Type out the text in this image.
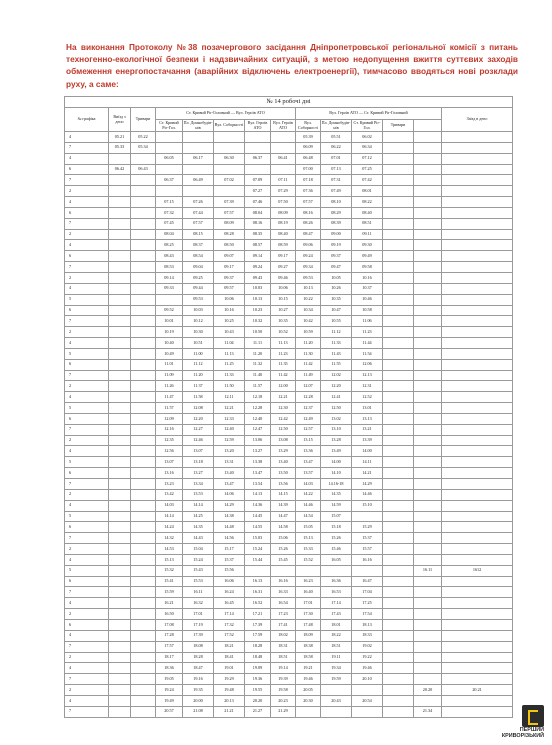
На виконання Протоколу №38 позачергового засідання Дніпропетровської регіональної комісії з питань техногенно-екологічної безпеки і надзвичайних ситуацій, з метою недопущення вжиття суттєвих заходів обмеження енергопостачання (аварійних відключень електроенергії), тимчасово вводяться нові розклади руху, а саме:
№ 14 робочі дні													
№ графіка	Виїзд з депо	Тривари	Ст. Кривий Ріг-Головний — Вул. Героїв АТО					Вул. Героїв АТО — Ст. Кривий Ріг-Головний					Заїзд в депо
			Ст. Кривий Ріг-Гол.	Пл. Домнобудів-нів	Вул. Соборності	Вул. Героїв АТО	Вул. Героїв АТО	Вул. Соборності	Пл. Домнобудів-нів	Ст. Кривий Ріг-Гол.	Тривари		
4	05.21	05.22						05.39	05.51	06.02			
7	05.33	05.34						06.09	06.22	06.34			
4			06.05	06.17	06.30	06.37	06.41	06.48	07.01	07.12			
6	06.42	06.43						07.00	07.13	07.25			
7			06.37	06.49	07.02	07.09	07.11	07.18	07.31	07.42			
2						07.27	07.29	07.36	07.49	08.01			
4			07.15	07.26	07.39	07.46	07.50	07.57	08.10	08.22			
6			07.32	07.44	07.57	08.04	08.09	08.16	08.29	08.40			
7			07.45	07.57	08.09	08.16	08.19	08.26	08.39	08.51			
2			08.04	08.15	08.28	08.35	08.40	08.47	09.00	09.11			
4			08.25	08.37	08.50	08.57	08.59	09.06	09.19	09.30			
6			08.43	08.54	09.07	09.14	09.17	09.24	09.37	09.49			
7			08.53	09.04	09.17	09.24	09.27	09.34	09.47	09.58			
2			09.14	09.25	09.37	09.43	09.46	09.53	10.05	10.16			
4			09.33	09.44	09.57	10.03	10.06	10.13	10.26	10.37			
5				09.53	10.06	10.13	10.15	10.22	10.35	10.46			
6			09.52	10.03	10.16	10.23	10.27	10.34	10.47	10.58			
7			10.01	10.12	10.25	10.32	10.35	10.42	10.55	11.06			
2			10.19	10.30	10.43	10.50	10.52	10.59	11.12	11.23			
4			10.40	10.51	11.04	11.11	11.13	11.20	11.33	11.44			
5			10.49	11.00	11.13	11.20	11.23	11.30	11.43	11.54			
6			11.01	11.12	11.25	11.32	11.35	11.42	11.55	12.06			
7			11.09	11.20	11.33	11.40	11.42	11.49	12.02	12.13			
2			11.26	11.37	11.50	11.57	12.00	12.07	12.20	12.31			
4			11.47	11.58	12.11	12.18	12.21	12.28	12.41	12.52			
5			11.57	12.08	12.21	12.28	12.30	12.37	12.50	13.01			
6			12.09	12.20	12.33	12.40	12.42	12.49	13.02	13.13			
7			12.16	12.27	12.40	12.47	12.50	12.57	13.10	13.21			
2			12.35	12.46	12.59	13.06	13.08	13.15	13.28	13.39			
4			12.56	13.07	13.20	13.27	13.29	13.36	13.49	14.00			
5			13.07	13.18	13.31	13.38	13.40	13.47	14.00	14.11			
6			13.16	13.27	13.40	13.47	13.50	13.57	14.10	14.21			
7			13.23	13.34	13.47	13.54	13.56	14.03	14.16-18	14.29			
2			13.42	13.53	14.06	14.13	14.15	14.22	14.35	14.46			
4			14.03	14.14	14.29	14.36	14.39	14.46	14.59	15.10			
5			14.14	14.25	14.38	14.45	14.47	14.54	15.07				
6			14.24	14.35	14.48	14.55	14.58	15.05	15.18	15.29			
7			14.32	14.43	14.56	15.03	15.06	15.13	15.26	15.37			
2			14.53	15.04	15.17	15.24	15.26	15.33	15.46	15.57			
4			15.13	15.24	15.37	15.44	15.45	15.52	16.05	16.16			
5			15.32	15.43	15.56							16.11	1612
6			15.41	15.53	16.06	16.13	16.16	16.23	16.36	16.47			
7			15.59	16.11	16.24	16.31	16.33	16.40	16.53	17.04			
4			16.21	16.32	16.45	16.52	16.54	17.01	17.14	17.25			
2			16.50	17.01	17.14	17.21	17.23	17.30	17.43	17.54			
6			17.08	17.19	17.32	17.39	17.41	17.48	18.01	18.13			
4			17.28	17.39	17.52	17.59	18.02	18.09	18.22	18.33			
7			17.57	18.08	18.21	18.28	18.31	18.38	18.51	19.02			
2			18.17	18.28	18.41	18.48	18.51	18.58	19.11	19.22			
4			18.36	18.47	19.01	19.09	19.14	19.21	19.34	19.46			
7			19.05	19.16	19.29	19.36	19.39	19.46	19.59	20.10			
2			19.24	19.35	19.48	19.55	19.58	20.05				20.20	20.21
4			19.49	20.00	20.13	20.20	20.23	20.30	20.43	20.54			
7			20.57	21.08	21.21	21.27	21.29					21.34	
ПЕРШИЙ
КРИВОРІЗЬКИЙ
